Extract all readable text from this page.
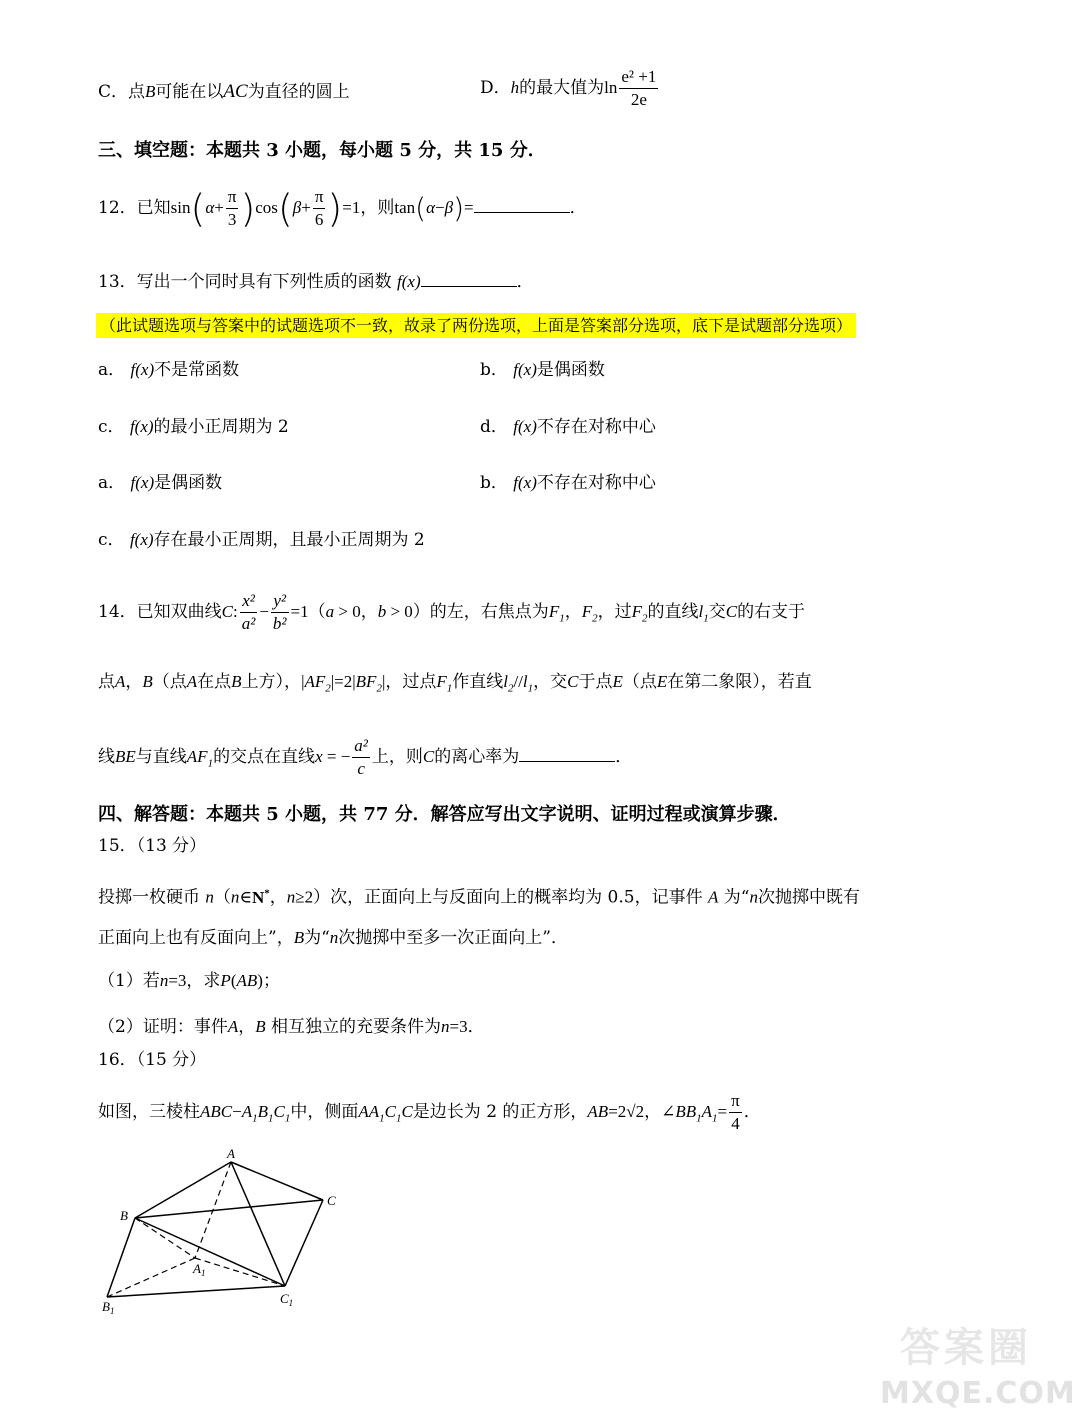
C．点B可能在以AC为直径的圆上	D．h的最大值为$\ln \frac{\text{e² +1}}{2e}$
三、填空题：本题共 3 小题，每小题 5 分，共 15 分．
12．已知$\sin(\alpha+ \frac{\pi}{3} )\cos(\beta+ \frac{\pi}{6} )=1$，则tan(α−β)=	．
13．写出一个同时具有下列性质的函数 f(x)	．
（此试题选项与答案中的试题选项不一致，故录了两份选项，上面是答案部分选项，底下是试题部分选项）
a． f(x)不是常函数	b． f(x)是偶函数
c． f(x)的最小正周期为 2	d． f(x)不存在对称中心
a． f(x)是偶函数	b． f(x)不存在对称中心
c． f(x)存在最小正周期，且最小正周期为 2
14．已知双曲线C: $\frac{\text{x²}}{\text{a²}} - \frac{\text{y²}}{\text{b²}} =1(a > 0$，b > 0）的左，右焦点为$F_1$，$F_2$，过$F_2$的直线$l_1$交C的右支于
点A，B（点A在点B上方），$|AF_2|=2|BF_2|$，过点$F_1$作直线$l_2//l_1$，交C于点E（点E在第二象限），若直
线BE与直线$AF_1$的交点在直线x = − $\frac{\text{a²}}{c}$ 上，则C的离心率为	．
四、解答题：本题共 5 小题，共 77 分．解答应写出文字说明、证明过程或演算步骤．
15．（13 分）
投掷一枚硬币 n（n∈N*，n≥2）次，正面向上与反面向上的概率均为 0.5，记事件 A 为“n次抛掷中既有
正面向上也有反面向上”，B为“n次抛掷中至多一次正面向上”．
（1）若n=3，求P(AB)；
（2）证明：事件A，B 相互独立的充要条件为n=3．
16．（15 分）
如图，三棱柱$ABC-A_1B_1C_1$中，侧面$AA_1C_1C$是边长为 2 的正方形，AB=2√2，$\angle BB_1A_1= \frac{\pi}{4}$ ．
A
B
C
$A_1$
$B_1$
$C_1$
答案圈
MXQE.COM
